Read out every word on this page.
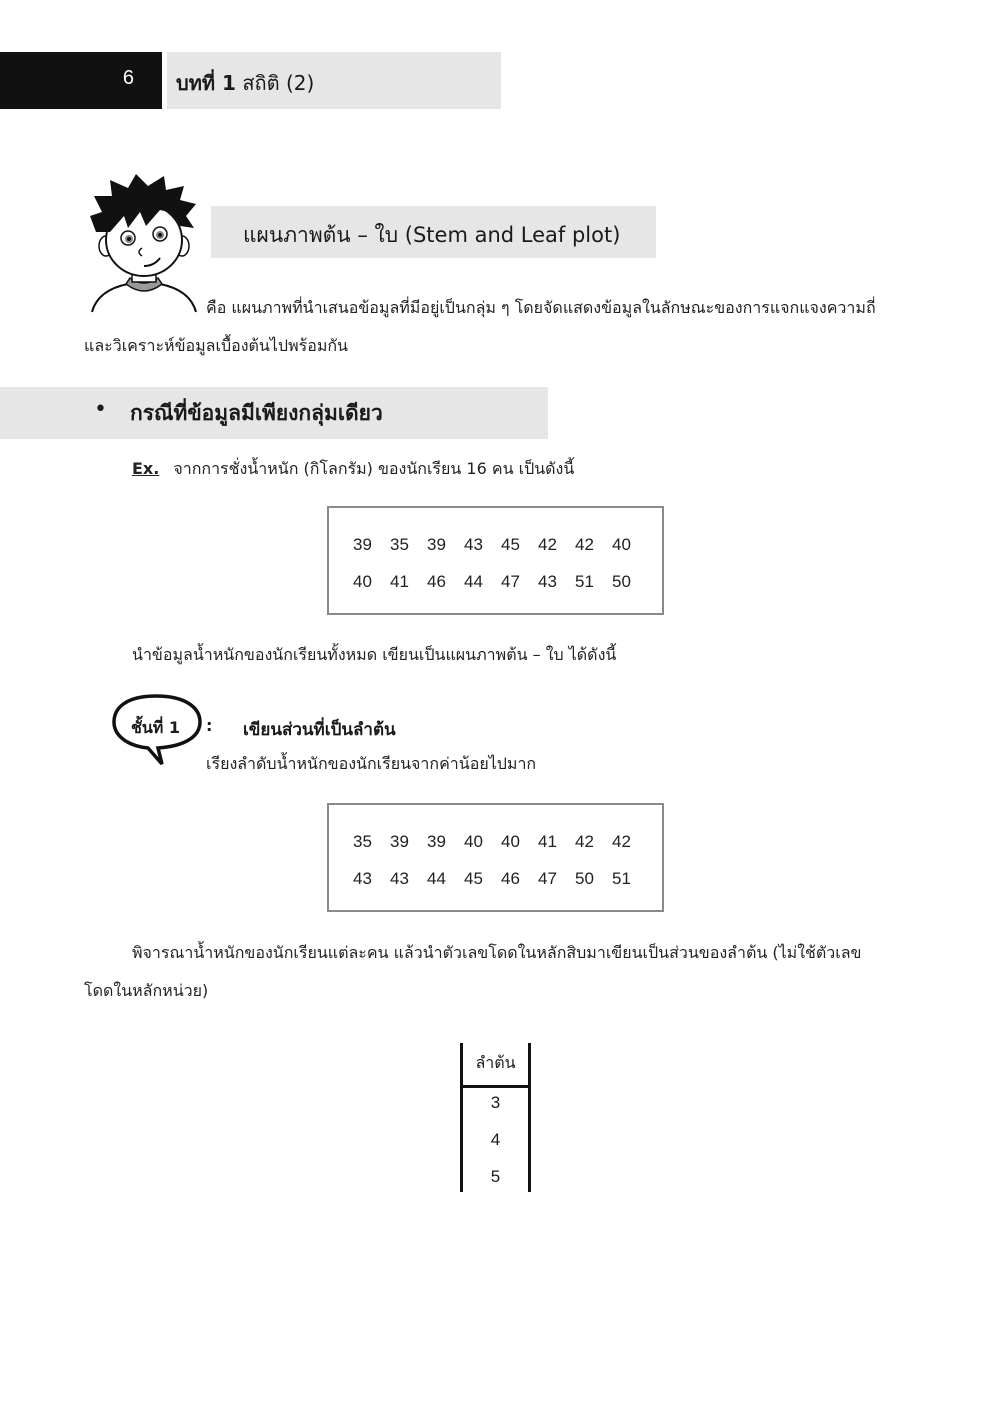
6 บทที่ 1 สถิติ (2)
แผนภาพต้น – ใบ (Stem and Leaf plot)
คือ แผนภาพที่นำเสนอข้อมูลที่มีอยู่เป็นกลุ่ม ๆ โดยจัดแสดงข้อมูลในลักษณะของการแจกแจงความถี่
และวิเคราะห์ข้อมูลเบื้องต้นไปพร้อมกัน
• กรณีที่ข้อมูลมีเพียงกลุ่มเดียว
Ex. จากการชั่งน้ำหนัก (กิโลกรัม) ของนักเรียน 16 คน เป็นดังนี้
39	35	39	43	45	42	42	40
40	41	46	44	47	43	51	50
นำข้อมูลน้ำหนักของนักเรียนทั้งหมด เขียนเป็นแผนภาพต้น – ใบ ได้ดังนี้
ชั้นที่ 1 : เขียนส่วนที่เป็นลำต้น
เรียงลำดับน้ำหนักของนักเรียนจากค่าน้อยไปมาก
35	39	39	40	40	41	42	42
43	43	44	45	46	47	50	51
พิจารณาน้ำหนักของนักเรียนแต่ละคน แล้วนำตัวเลขโดดในหลักสิบมาเขียนเป็นส่วนของลำต้น (ไม่ใช้ตัวเลข
โดดในหลักหน่วย)
ลำต้น
3
4
5
